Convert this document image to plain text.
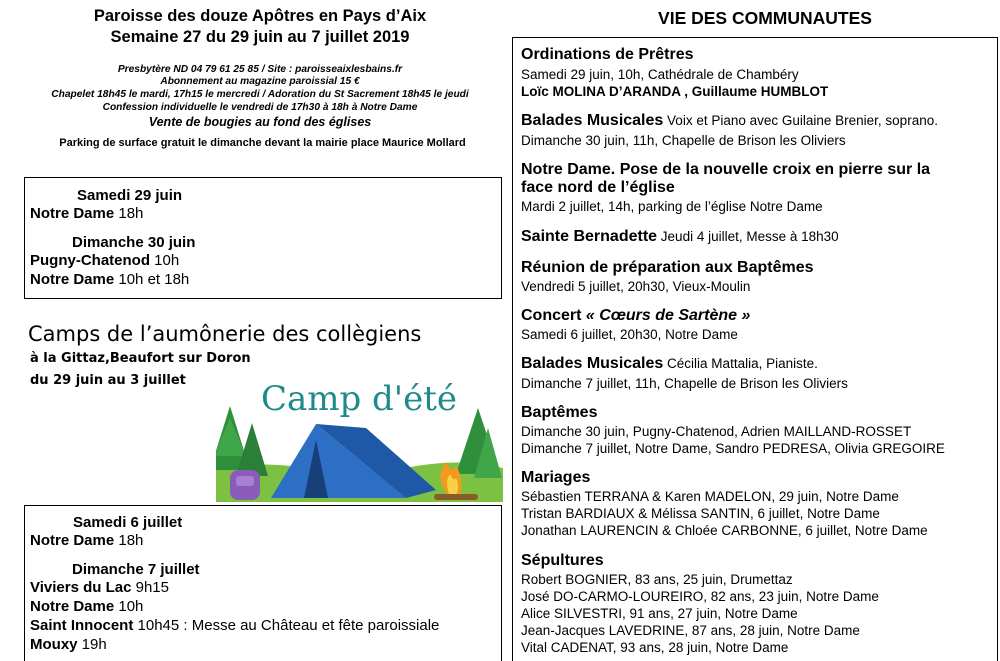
Paroisse des douze Apôtres en Pays d’Aix
Semaine 27 du 29 juin au 7 juillet 2019
Presbytère ND 04 79 61 25 85 / Site : paroisseaixlesbains.fr
Abonnement au magazine paroissial 15 €
Chapelet 18h45 le mardi, 17h15 le mercredi / Adoration du St Sacrement 18h45 le jeudi
Confession individuelle le vendredi de 17h30 à 18h à Notre Dame
Vente de bougies au fond des églises
Parking de surface gratuit le dimanche devant la mairie place Maurice Mollard
Samedi 29 juin
Notre Dame 18h
Dimanche 30 juin
Pugny-Chatenod 10h
Notre Dame 10h et 18h
Camps de l’aumônerie des collègiens
à la Gittaz,Beaufort sur Doron
du 29 juin au 3 juillet Camp d'été
Samedi 6 juillet
Notre Dame 18h
Dimanche 7 juillet
Viviers du Lac 9h15
Notre Dame 10h
Saint Innocent 10h45 : Messe au Château et fête paroissiale
Mouxy 19h
VIE DES COMMUNAUTES
Ordinations de Prêtres
Samedi 29 juin, 10h, Cathédrale de Chambéry
Loïc MOLINA D’ARANDA , Guillaume HUMBLOT
Balades Musicales Voix et Piano avec Guilaine Brenier, soprano.
Dimanche 30 juin, 11h, Chapelle de Brison les Oliviers
Notre Dame. Pose de la nouvelle croix en pierre sur la
face nord de l’église
Mardi 2 juillet, 14h, parking de l’église Notre Dame
Sainte Bernadette Jeudi 4 juillet, Messe à 18h30
Réunion de préparation aux Baptêmes
Vendredi 5 juillet, 20h30, Vieux-Moulin
Concert « Cœurs de Sartène »
Samedi 6 juillet, 20h30, Notre Dame
Balades Musicales Cécilia Mattalia, Pianiste.
Dimanche 7 juillet, 11h, Chapelle de Brison les Oliviers
Baptêmes
Dimanche 30 juin, Pugny-Chatenod, Adrien MAILLAND-ROSSET
Dimanche 7 juillet, Notre Dame, Sandro PEDRESA, Olivia GREGOIRE
Mariages
Sébastien TERRANA & Karen MADELON, 29 juin, Notre Dame
Tristan BARDIAUX & Mélissa SANTIN, 6 juillet, Notre Dame
Jonathan LAURENCIN & Chloée CARBONNE, 6 juillet, Notre Dame
Sépultures
Robert BOGNIER, 83 ans, 25 juin, Drumettaz
José DO-CARMO-LOUREIRO, 82 ans, 23 juin, Notre Dame
Alice SILVESTRI, 91 ans, 27 juin, Notre Dame
Jean-Jacques LAVEDRINE, 87 ans, 28 juin, Notre Dame
Vital CADENAT, 93 ans, 28 juin, Notre Dame
